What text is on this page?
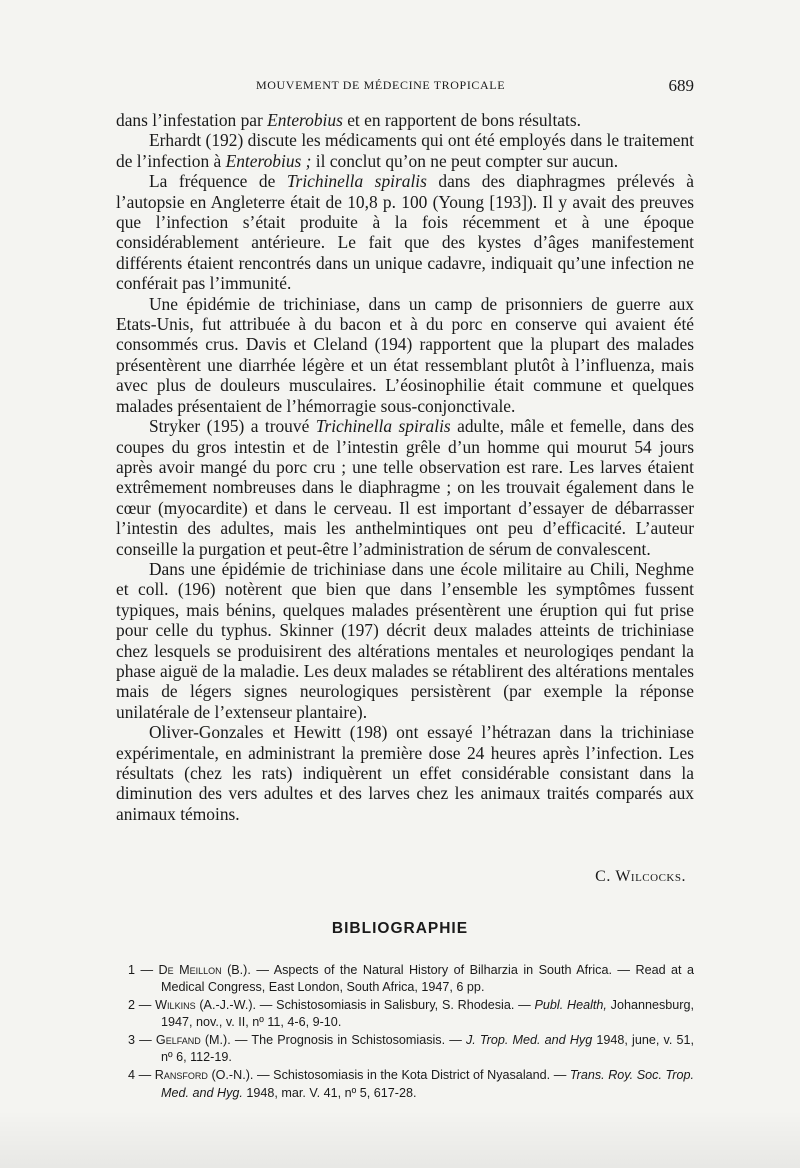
MOUVEMENT DE MÉDECINE TROPICALE	689

dans l’infestation par Enterobius et en rapportent de bons résultats.

Erhardt (192) discute les médicaments qui ont été employés dans le traitement de l’infection à Enterobius ; il conclut qu’on ne peut compter sur aucun.

La fréquence de Trichinella spiralis dans des diaphragmes prélevés à l’autopsie en Angleterre était de 10,8 p. 100 (Young [193]). Il y avait des preuves que l’infection s’était produite à la fois récemment et à une époque considérablement antérieure. Le fait que des kystes d’âges manifestement différents étaient rencontrés dans un unique cadavre, indiquait qu’une infection ne conférait pas l’immunité.

Une épidémie de trichiniase, dans un camp de prisonniers de guerre aux Etats-Unis, fut attribuée à du bacon et à du porc en conserve qui avaient été consommés crus. Davis et Cleland (194) rapportent que la plupart des malades présentèrent une diarrhée légère et un état ressemblant plutôt à l’influenza, mais avec plus de douleurs musculaires. L’éosinophilie était commune et quelques malades présentaient de l’hémorragie sous-conjonctivale.

Stryker (195) a trouvé Trichinella spiralis adulte, mâle et femelle, dans des coupes du gros intestin et de l’intestin grêle d’un homme qui mourut 54 jours après avoir mangé du porc cru ; une telle observation est rare. Les larves étaient extrêmement nombreuses dans le diaphragme ; on les trouvait également dans le cœur (myocardite) et dans le cerveau. Il est important d’essayer de débarrasser l’intestin des adultes, mais les anthelmintiques ont peu d’efficacité. L’auteur conseille la purgation et peut-être l’administration de sérum de convalescent.

Dans une épidémie de trichiniase dans une école militaire au Chili, Neghme et coll. (196) notèrent que bien que dans l’ensemble les symptômes fussent typiques, mais bénins, quelques malades présentèrent une éruption qui fut prise pour celle du typhus. Skinner (197) décrit deux malades atteints de trichiniase chez lesquels se produisirent des altérations mentales et neurologiqes pendant la phase aiguë de la maladie. Les deux malades se rétablirent des altérations mentales mais de légers signes neurologiques persistèrent (par exemple la réponse unilatérale de l’extenseur plantaire).

Oliver-Gonzales et Hewitt (198) ont essayé l’hétrazan dans la trichiniase expérimentale, en administrant la première dose 24 heures après l’infection. Les résultats (chez les rats) indiquèrent un effet considérable consistant dans la diminution des vers adultes et des larves chez les animaux traités comparés aux animaux témoins.

C. Wilcocks.
BIBLIOGRAPHIE
1 — De Meillon (B.). — Aspects of the Natural History of Bilharzia in South Africa. — Read at a Medical Congress, East London, South Africa, 1947, 6 pp.
2 — Wilkins (A.-J.-W.). — Schistosomiasis in Salisbury, S. Rhodesia. — Publ. Health, Johannesburg, 1947, nov., v. II, nº 11, 4-6, 9-10.
3 — Gelfand (M.). — The Prognosis in Schistosomiasis. — J. Trop. Med. and Hyg 1948, june, v. 51, nº 6, 112-19.
4 — Ransford (O.-N.). — Schistosomiasis in the Kota District of Nyasaland. — Trans. Roy. Soc. Trop. Med. and Hyg. 1948, mar. V. 41, nº 5, 617-28.
